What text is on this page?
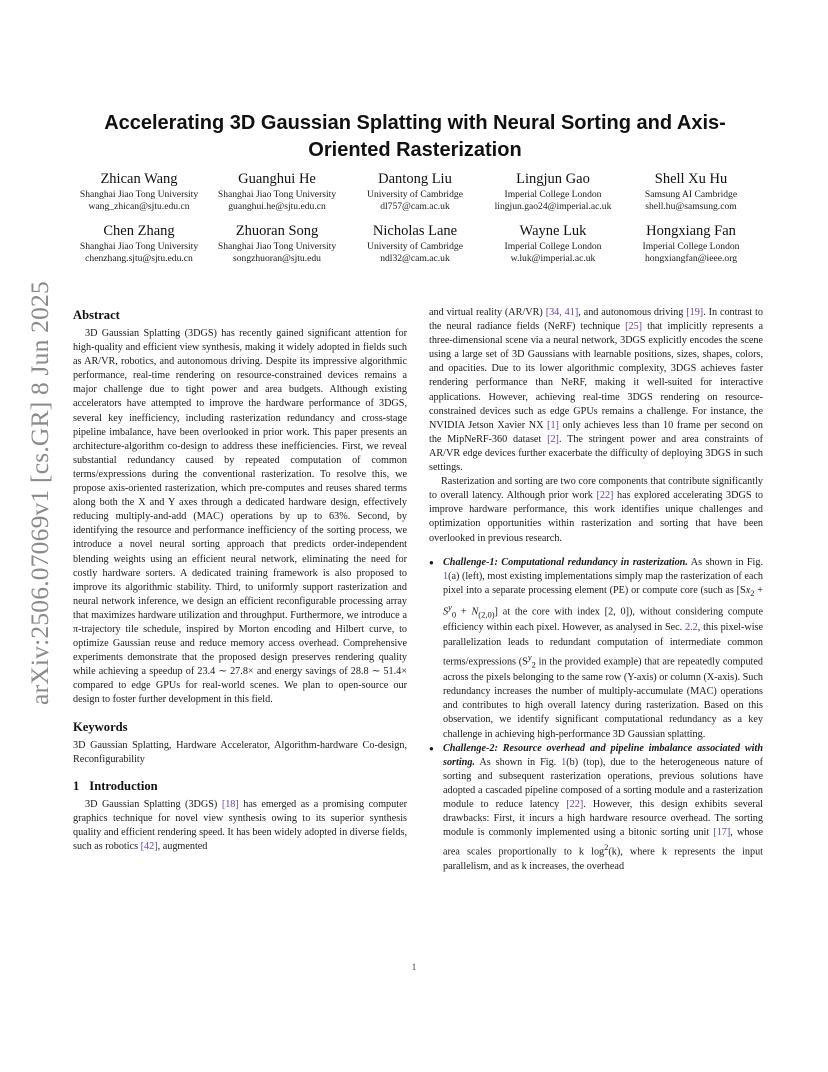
arXiv:2506.07069v1 [cs.GR] 8 Jun 2025
Accelerating 3D Gaussian Splatting with Neural Sorting and Axis-Oriented Rasterization
Zhican Wang
Shanghai Jiao Tong University
wang_zhican@sjtu.edu.cn
Guanghui He
Shanghai Jiao Tong University
guanghui.he@sjtu.edu.cn
Dantong Liu
University of Cambridge
dl757@cam.ac.uk
Lingjun Gao
Imperial College London
lingjun.gao24@imperial.ac.uk
Shell Xu Hu
Samsung AI Cambridge
shell.hu@samsung.com
Chen Zhang
Shanghai Jiao Tong University
chenzhang.sjtu@sjtu.edu.cn
Zhuoran Song
Shanghai Jiao Tong University
songzhuoran@sjtu.edu
Nicholas Lane
University of Cambridge
ndl32@cam.ac.uk
Wayne Luk
Imperial College London
w.luk@imperial.ac.uk
Hongxiang Fan
Imperial College London
hongxiangfan@ieee.org
Abstract

3D Gaussian Splatting (3DGS) has recently gained significant attention for high-quality and efficient view synthesis, making it widely adopted in fields such as AR/VR, robotics, and autonomous driving. Despite its impressive algorithmic performance, real-time rendering on resource-constrained devices remains a major challenge due to tight power and area budgets. Although existing accelerators have attempted to improve the hardware performance of 3DGS, several key inefficiency, including rasterization redundancy and cross-stage pipeline imbalance, have been overlooked in prior work. This paper presents an architecture-algorithm co-design to address these inefficiencies. First, we reveal substantial redundancy caused by repeated computation of common terms/expressions during the conventional rasterization. To resolve this, we propose axis-oriented rasterization, which pre-computes and reuses shared terms along both the X and Y axes through a dedicated hardware design, effectively reducing multiply-and-add (MAC) operations by up to 63%. Second, by identifying the resource and performance inefficiency of the sorting process, we introduce a novel neural sorting approach that predicts order-independent blending weights using an efficient neural network, eliminating the need for costly hardware sorters. A dedicated training framework is also proposed to improve its algorithmic stability. Third, to uniformly support rasterization and neural network inference, we design an efficient reconfigurable processing array that maximizes hardware utilization and throughput. Furthermore, we introduce a π-trajectory tile schedule, inspired by Morton encoding and Hilbert curve, to optimize Gaussian reuse and reduce memory access overhead. Comprehensive experiments demonstrate that the proposed design preserves rendering quality while achieving a speedup of 23.4 ∼ 27.8× and energy savings of 28.8 ∼ 51.4× compared to edge GPUs for real-world scenes. We plan to open-source our design to foster further development in this field.

Keywords

3D Gaussian Splatting, Hardware Accelerator, Algorithm-hardware Co-design, Reconfigurability

1 Introduction

3D Gaussian Splatting (3DGS) [18] has emerged as a promising computer graphics technique for novel view synthesis owing to its superior synthesis quality and efficient rendering speed. It has been widely adopted in diverse fields, such as robotics [42], augmented

and virtual reality (AR/VR) [34, 41], and autonomous driving [19]. In contrast to the neural radiance fields (NeRF) technique [25] that implicitly represents a three-dimensional scene via a neural network, 3DGS explicitly encodes the scene using a large set of 3D Gaussians with learnable positions, sizes, shapes, colors, and opacities. Due to its lower algorithmic complexity, 3DGS achieves faster rendering performance than NeRF, making it well-suited for interactive applications. However, achieving real-time 3DGS rendering on resource-constrained devices such as edge GPUs remains a challenge. For instance, the NVIDIA Jetson Xavier NX [1] only achieves less than 10 frame per second on the MipNeRF-360 dataset [2]. The stringent power and area constraints of AR/VR edge devices further exacerbate the difficulty of deploying 3DGS in such settings.

Rasterization and sorting are two core components that contribute significantly to overall latency. Although prior work [22] has explored accelerating 3DGS to improve hardware performance, this work identifies unique challenges and optimization opportunities within rasterization and sorting that have been overlooked in previous research.

● Challenge-1: Computational redundancy in rasterization. As shown in Fig. 1(a) (left), most existing implementations simply map the rasterization of each pixel into a separate processing element (PE) or compute core (such as $[Sx_2 + S^y_0 + N_{(2,0)}]$ at the core with index [2, 0]), without considering compute efficiency within each pixel. However, as analysed in Sec. 2.2, this pixel-wise parallelization leads to redundant computation of intermediate common terms/expressions ($S^y_2$ in the provided example) that are repeatedly computed across the pixels belonging to the same row (Y-axis) or column (X-axis). Such redundancy increases the number of multiply-accumulate (MAC) operations and contributes to high overall latency during rasterization. Based on this observation, we identify significant computational redundancy as a key challenge in achieving high-performance 3D Gaussian splatting.

● Challenge-2: Resource overhead and pipeline imbalance associated with sorting. As shown in Fig. 1(b) (top), due to the heterogeneous nature of sorting and subsequent rasterization operations, previous solutions have adopted a cascaded pipeline composed of a sorting module and a rasterization module to reduce latency [22]. However, this design exhibits several drawbacks: First, it incurs a high hardware resource overhead. The sorting module is commonly implemented using a bitonic sorting unit [17], whose area scales proportionally to k $\log^2(k)$, where k represents the input parallelism, and as k increases, the overhead

1
